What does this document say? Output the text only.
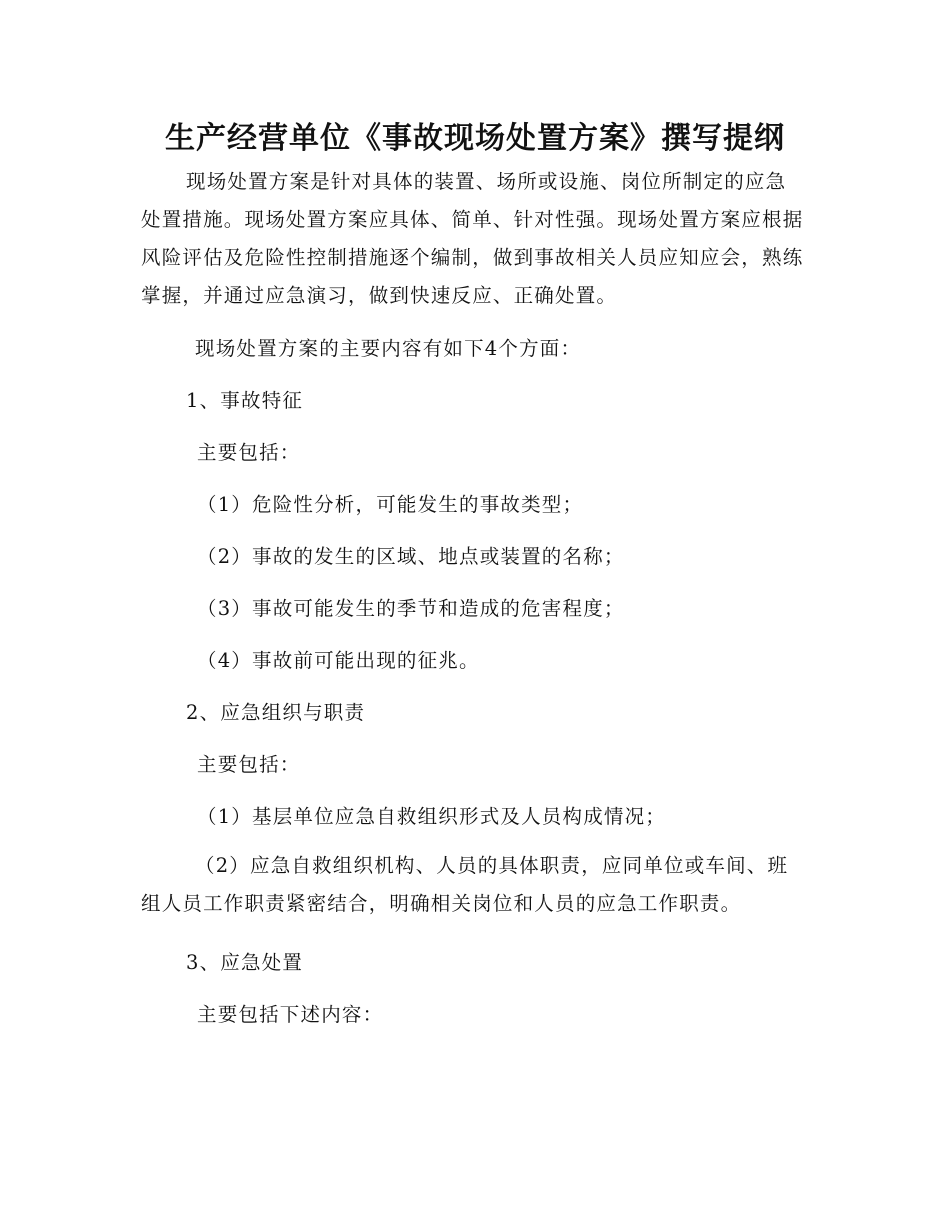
生产经营单位《事故现场处置方案》撰写提纲

现场处置方案是针对具体的装置、场所或设施、岗位所制定的应急处置措施。现场处置方案应具体、简单、针对性强。现场处置方案应根据风险评估及危险性控制措施逐个编制，做到事故相关人员应知应会，熟练掌握，并通过应急演习，做到快速反应、正确处置。

现场处置方案的主要内容有如下4个方面：

1、事故特征

主要包括：

（1）危险性分析，可能发生的事故类型；

（2）事故的发生的区域、地点或装置的名称；

（3）事故可能发生的季节和造成的危害程度；

（4）事故前可能出现的征兆。

2、应急组织与职责

主要包括：

（1）基层单位应急自救组织形式及人员构成情况；

（2）应急自救组织机构、人员的具体职责，应同单位或车间、班组人员工作职责紧密结合，明确相关岗位和人员的应急工作职责。

3、应急处置

主要包括下述内容：
